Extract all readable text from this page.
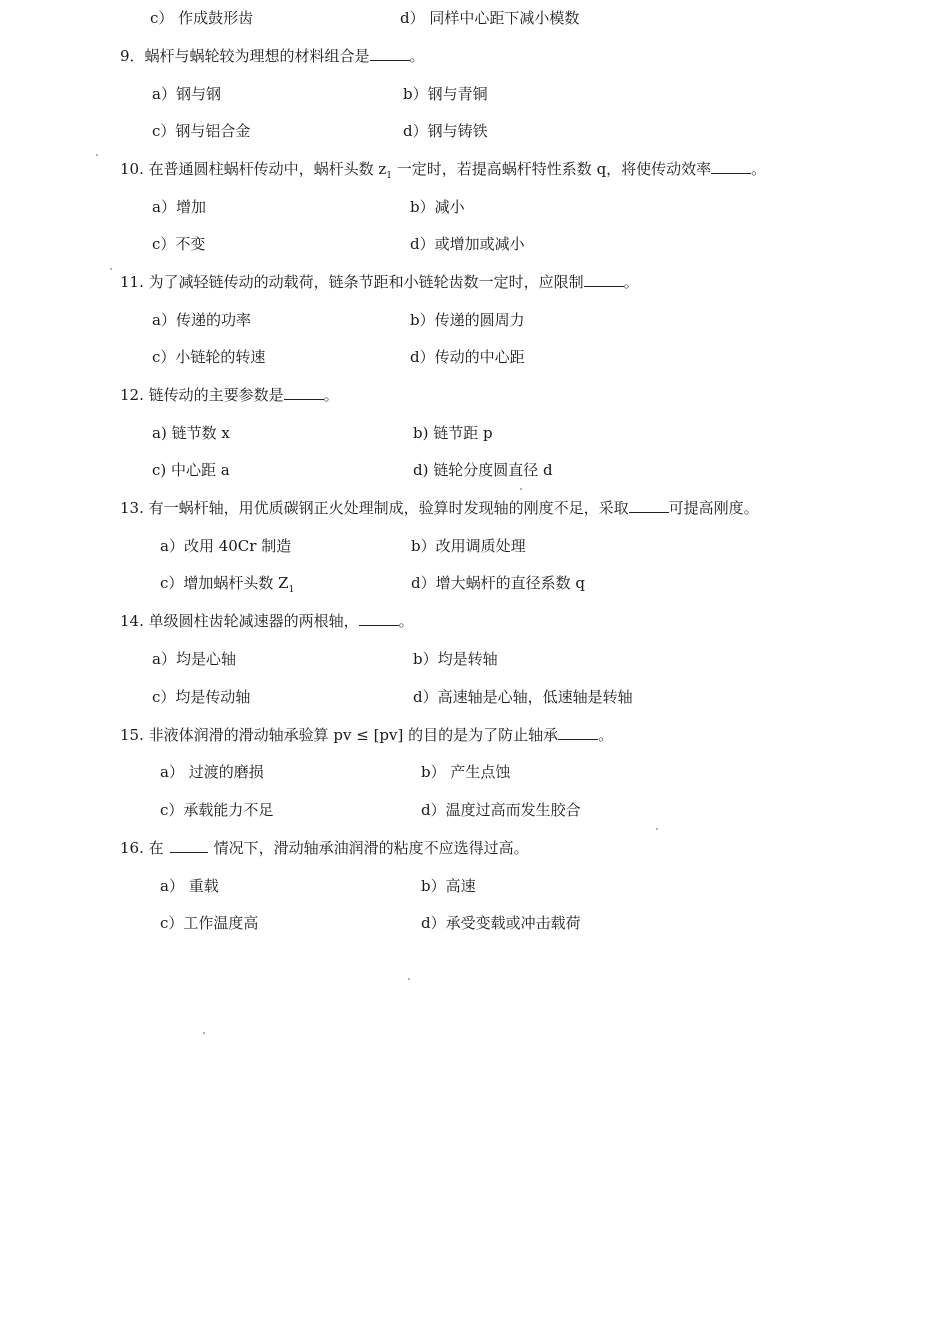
c） 作成鼓形齿	d） 同样中心距下减小模数
9．蜗杆与蜗轮较为理想的材料组合是	。
a）钢与钢	b）钢与青铜
c）钢与铝合金	d）钢与铸铁
10. 在普通圆柱蜗杆传动中，蜗杆头数 $z_1$ 一定时，若提高蜗杆特性系数 q，将使传动效率	。
a）增加	b）减小
c）不变	d）或增加或减小
11. 为了减轻链传动的动载荷，链条节距和小链轮齿数一定时，应限制	。
a）传递的功率	b）传递的圆周力
c）小链轮的转速	d）传动的中心距
12. 链传动的主要参数是	。
a) 链节数 x	b) 链节距 p
c) 中心距 a	d) 链轮分度圆直径 d
13. 有一蜗杆轴，用优质碳钢正火处理制成，验算时发现轴的刚度不足，采取	可提高刚度。
a）改用 40Cr 制造	b）改用调质处理
c）增加蜗杆头数 $Z_1$	d）增大蜗杆的直径系数 q
14. 单级圆柱齿轮减速器的两根轴，	。
a）均是心轴	b）均是转轴
c）均是传动轴	d）高速轴是心轴，低速轴是转轴
15. 非液体润滑的滑动轴承验算 pv ≤ [pv] 的目的是为了防止轴承	。
a） 过渡的磨损	b） 产生点蚀
c）承载能力不足	d）温度过高而发生胶合
16. 在	情况下，滑动轴承油润滑的粘度不应选得过高。
a） 重载	b）高速
c）工作温度高	d）承受变载或冲击载荷
